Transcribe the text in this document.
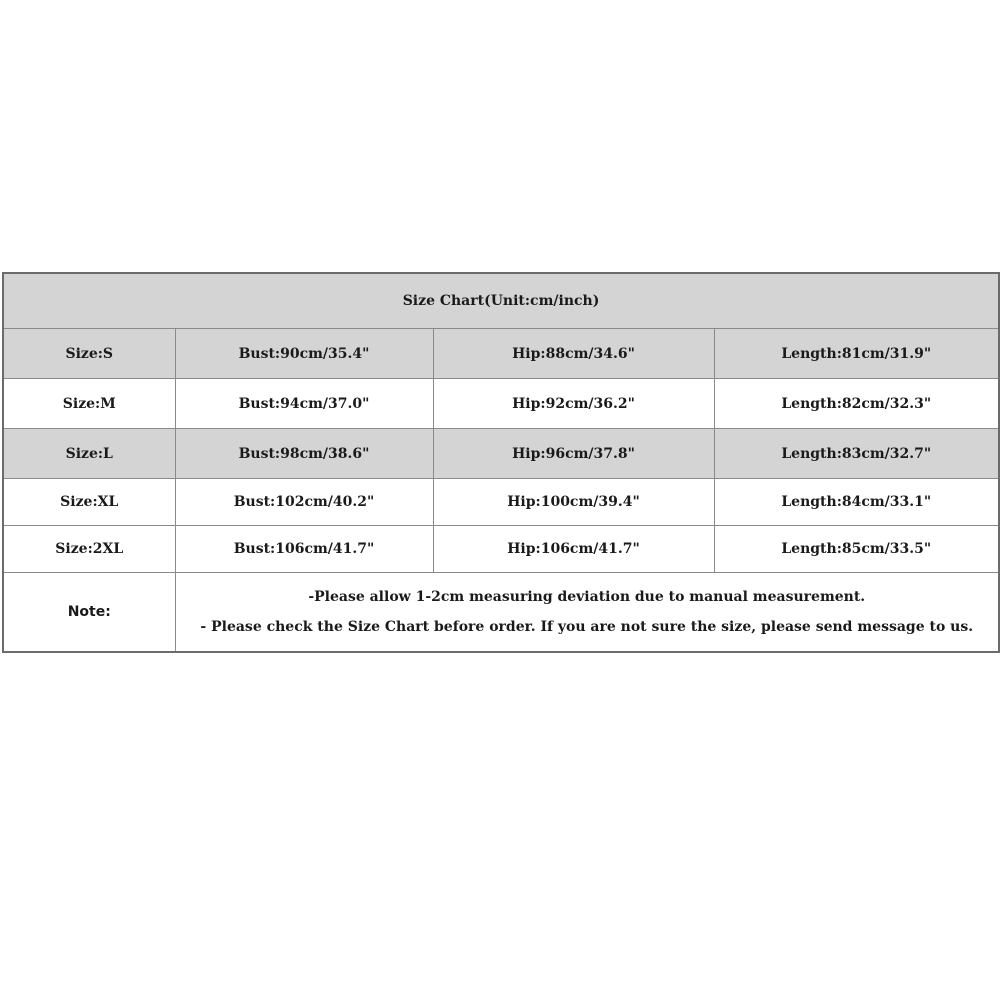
Size Chart(Unit:cm/inch)			
Size:S	Bust:90cm/35.4"	Hip:88cm/34.6"	Length:81cm/31.9"
Size:M	Bust:94cm/37.0"	Hip:92cm/36.2"	Length:82cm/32.3"
Size:L	Bust:98cm/38.6"	Hip:96cm/37.8"	Length:83cm/32.7"
Size:XL	Bust:102cm/40.2"	Hip:100cm/39.4"	Length:84cm/33.1"
Size:2XL	Bust:106cm/41.7"	Hip:106cm/41.7"	Length:85cm/33.5"
Note:	-Please allow 1-2cm measuring deviation due to manual measurement.
- Please check the Size Chart before order. If you are not sure the size, please send message to us.		
